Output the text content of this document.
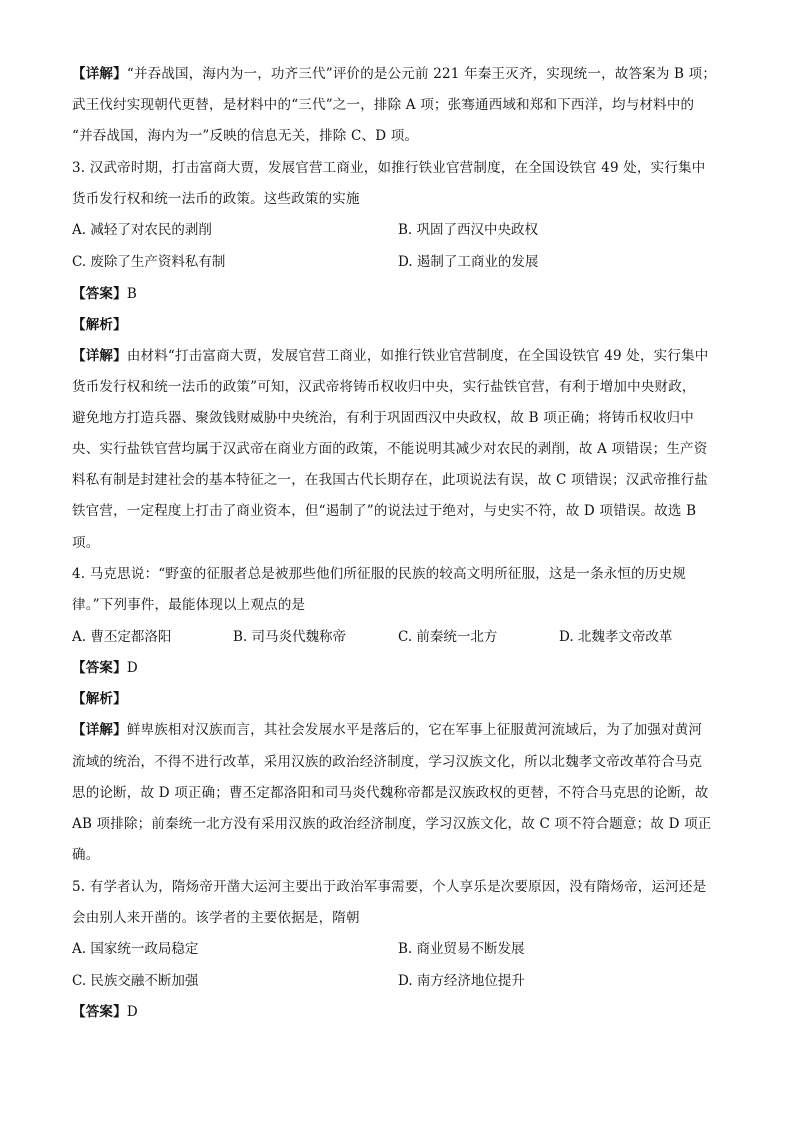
【详解】“并吞战国，海内为一，功齐三代”评价的是公元前 221 年秦王灭齐，实现统一，故答案为 B 项；
武王伐纣实现朝代更替，是材料中的“三代”之一，排除 A 项；张骞通西域和郑和下西洋，均与材料中的
“并吞战国，海内为一”反映的信息无关，排除 C、D 项。
3. 汉武帝时期，打击富商大贾，发展官营工商业，如推行铁业官营制度，在全国设铁官 49 处，实行集中
货币发行权和统一法币的政策。这些政策的实施
A. 减轻了对农民的剥削	B. 巩固了西汉中央政权
C. 废除了生产资料私有制	D. 遏制了工商业的发展
【答案】B
【解析】
【详解】由材料“打击富商大贾，发展官营工商业，如推行铁业官营制度，在全国设铁官 49 处，实行集中
货币发行权和统一法币的政策”可知，汉武帝将铸币权收归中央，实行盐铁官营，有利于增加中央财政，
避免地方打造兵器、聚敛钱财威胁中央统治，有利于巩固西汉中央政权，故 B 项正确；将铸币权收归中
央、实行盐铁官营均属于汉武帝在商业方面的政策，不能说明其减少对农民的剥削，故 A 项错误；生产资
料私有制是封建社会的基本特征之一，在我国古代长期存在，此项说法有误，故 C 项错误；汉武帝推行盐
铁官营，一定程度上打击了商业资本，但“遏制了”的说法过于绝对，与史实不符，故 D 项错误。故选 B
项。
4. 马克思说：“野蛮的征服者总是被那些他们所征服的民族的较高文明所征服，这是一条永恒的历史规
律。”下列事件，最能体现以上观点的是
A. 曹丕定都洛阳	B. 司马炎代魏称帝	C. 前秦统一北方	D. 北魏孝文帝改革
【答案】D
【解析】
【详解】鲜卑族相对汉族而言，其社会发展水平是落后的，它在军事上征服黄河流域后，为了加强对黄河
流域的统治，不得不进行改革，采用汉族的政治经济制度，学习汉族文化，所以北魏孝文帝改革符合马克
思的论断，故 D 项正确；曹丕定都洛阳和司马炎代魏称帝都是汉族政权的更替，不符合马克思的论断，故
AB 项排除；前秦统一北方没有采用汉族的政治经济制度，学习汉族文化，故 C 项不符合题意；故 D 项正
确。
5. 有学者认为，隋炀帝开凿大运河主要出于政治军事需要，个人享乐是次要原因，没有隋炀帝，运河还是
会由别人来开凿的。该学者的主要依据是，隋朝
A. 国家统一政局稳定	B. 商业贸易不断发展
C. 民族交融不断加强	D. 南方经济地位提升
【答案】D
